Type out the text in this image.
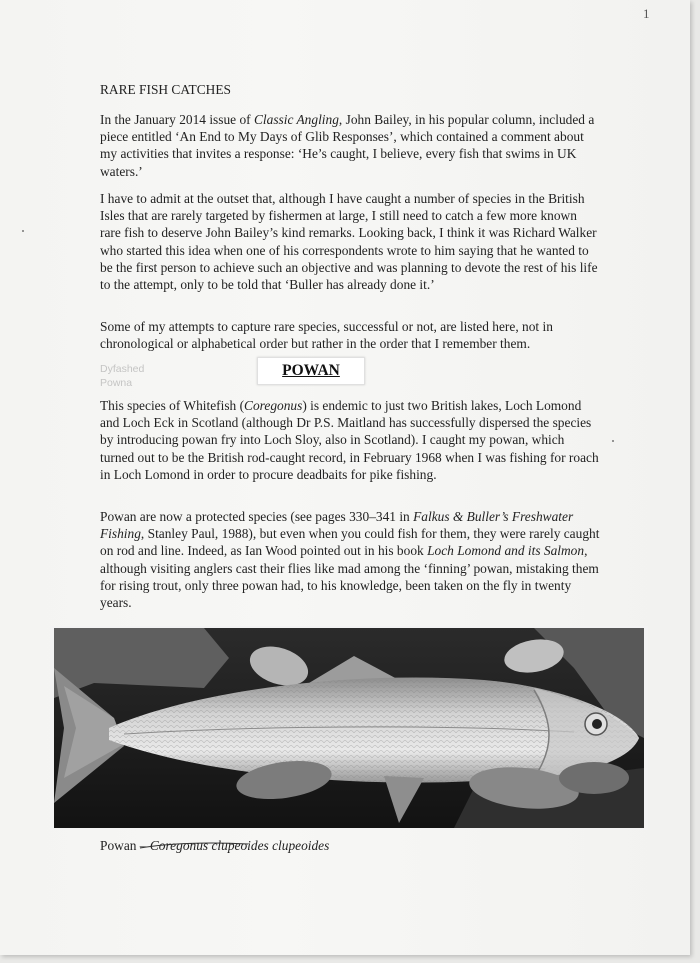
1
RARE FISH CATCHES
In the January 2014 issue of Classic Angling, John Bailey, in his popular column, included a piece entitled ‘An End to My Days of Glib Responses’, which contained a comment about my activities that invites a response: ‘He’s caught, I believe, every fish that swims in UK waters.’
I have to admit at the outset that, although I have caught a number of species in the British Isles that are rarely targeted by fishermen at large, I still need to catch a few more known rare fish to deserve John Bailey’s kind remarks. Looking back, I think it was Richard Walker who started this idea when one of his correspondents wrote to him saying that he wanted to be the first person to achieve such an objective and was planning to devote the rest of his life to the attempt, only to be told that ‘Buller has already done it.’
Some of my attempts to capture rare species, successful or not, are listed here, not in chronological or alphabetical order but rather in the order that I remember them.
Dyfashed
Powna
POWAN
This species of Whitefish (Coregonus) is endemic to just two British lakes, Loch Lomond and Loch Eck in Scotland (although Dr P.S. Maitland has successfully dispersed the species by introducing powan fry into Loch Sloy, also in Scotland). I caught my powan, which turned out to be the British rod-caught record, in February 1968 when I was fishing for roach in Loch Lomond in order to procure deadbaits for pike fishing.
Powan are now a protected species (see pages 330–341 in Falkus & Buller’s Freshwater Fishing, Stanley Paul, 1988), but even when you could fish for them, they were rarely caught on rod and line. Indeed, as Ian Wood pointed out in his book Loch Lomond and its Salmon, although visiting anglers cast their flies like mad among the ‘finning’ powan, mistaking them for rising trout, only three powan had, to his knowledge, been taken on the fly in twenty years.
Powan – Coregonus clupeoides clupeoides
